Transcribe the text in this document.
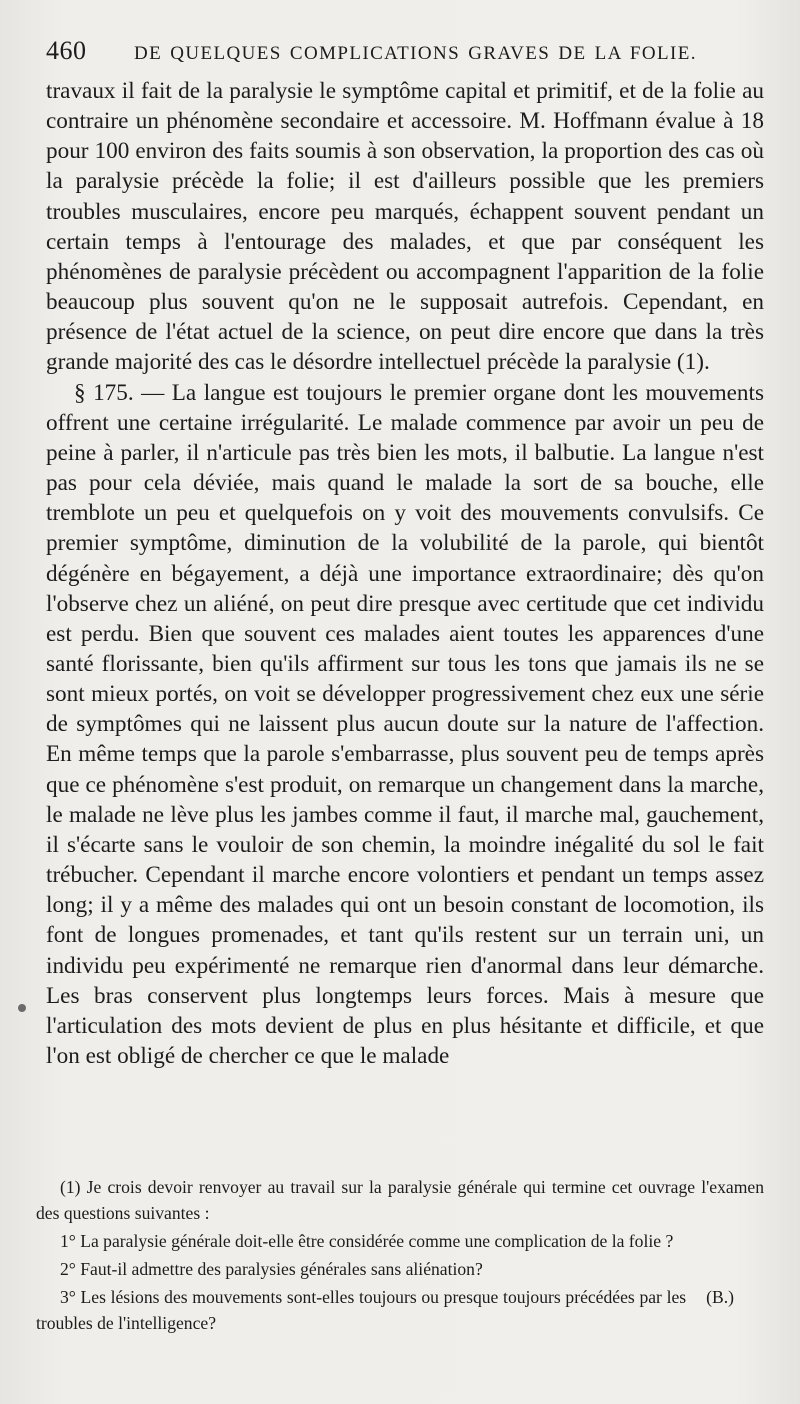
460	DE QUELQUES COMPLICATIONS GRAVES DE LA FOLIE.

travaux il fait de la paralysie le symptôme capital et primitif, et de la folie au contraire un phénomène secondaire et accessoire. M. Hoffmann évalue à 18 pour 100 environ des faits soumis à son observation, la proportion des cas où la paralysie précède la folie; il est d'ailleurs possible que les premiers troubles musculaires, encore peu marqués, échappent souvent pendant un certain temps à l'entourage des malades, et que par conséquent les phénomènes de paralysie précèdent ou accompagnent l'apparition de la folie beaucoup plus souvent qu'on ne le supposait autrefois. Cependant, en présence de l'état actuel de la science, on peut dire encore que dans la très grande majorité des cas le désordre intellectuel précède la paralysie (1).

§ 175. — La langue est toujours le premier organe dont les mouvements offrent une certaine irrégularité. Le malade commence par avoir un peu de peine à parler, il n'articule pas très bien les mots, il balbutie. La langue n'est pas pour cela déviée, mais quand le malade la sort de sa bouche, elle tremblote un peu et quelquefois on y voit des mouvements convulsifs. Ce premier symptôme, diminution de la volubilité de la parole, qui bientôt dégénère en bégayement, a déjà une importance extraordinaire; dès qu'on l'observe chez un aliéné, on peut dire presque avec certitude que cet individu est perdu. Bien que souvent ces malades aient toutes les apparences d'une santé florissante, bien qu'ils affirment sur tous les tons que jamais ils ne se sont mieux portés, on voit se développer progressivement chez eux une série de symptômes qui ne laissent plus aucun doute sur la nature de l'affection. En même temps que la parole s'embarrasse, plus souvent peu de temps après que ce phénomène s'est produit, on remarque un changement dans la marche, le malade ne lève plus les jambes comme il faut, il marche mal, gauchement, il s'écarte sans le vouloir de son chemin, la moindre inégalité du sol le fait trébucher. Cependant il marche encore volontiers et pendant un temps assez long; il y a même des malades qui ont un besoin constant de locomotion, ils font de longues promenades, et tant qu'ils restent sur un terrain uni, un individu peu expérimenté ne remarque rien d'anormal dans leur démarche. Les bras conservent plus longtemps leurs forces. Mais à mesure que l'articulation des mots devient de plus en plus hésitante et difficile, et que l'on est obligé de chercher ce que le malade

(1) Je crois devoir renvoyer au travail sur la paralysie générale qui termine cet ouvrage l'examen des questions suivantes :

1° La paralysie générale doit-elle être considérée comme une complication de la folie ?

2° Faut-il admettre des paralysies générales sans aliénation?

3° Les lésions des mouvements sont-elles toujours ou presque toujours précédées par les troubles de l'intelligence?
(B.)
